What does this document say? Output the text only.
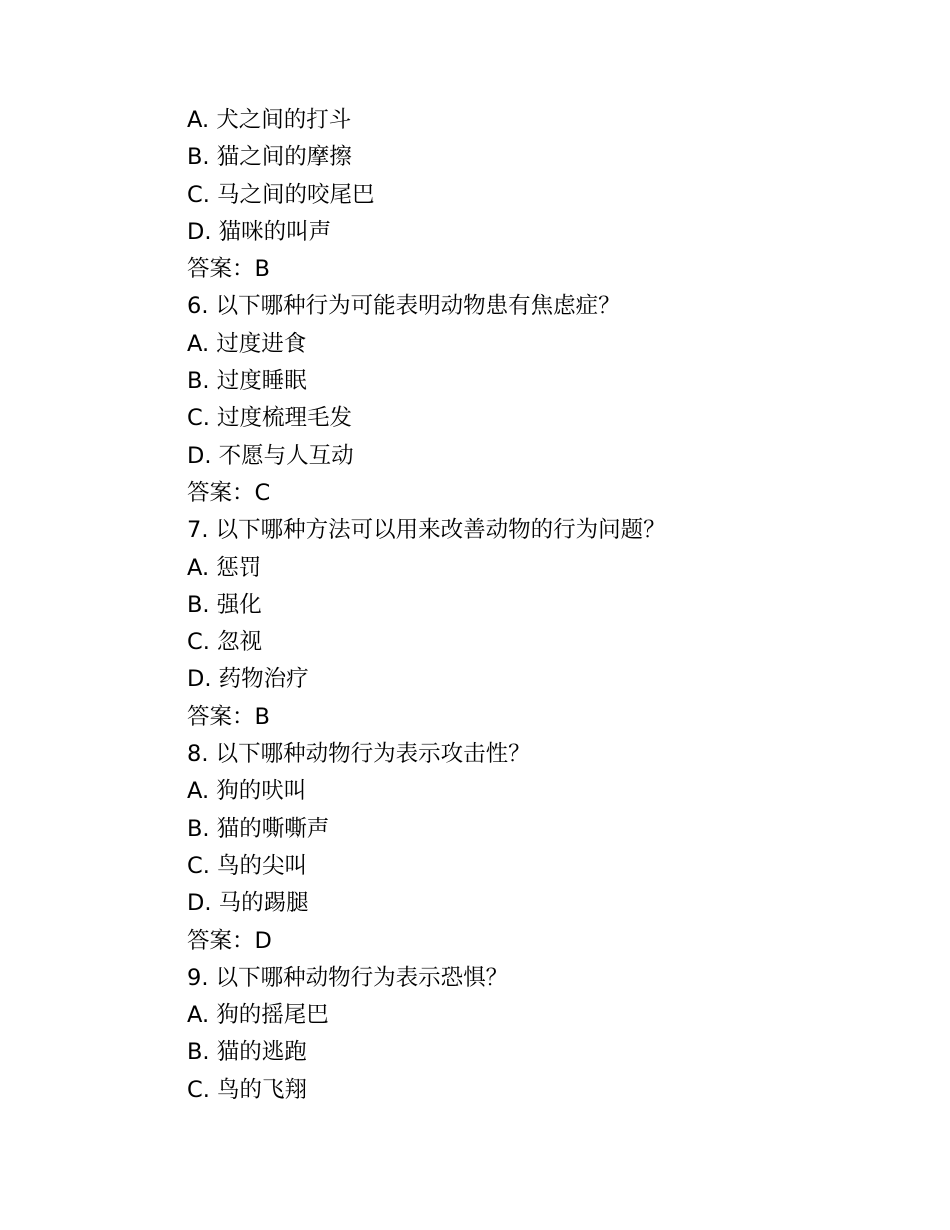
A. 犬之间的打斗
B. 猫之间的摩擦
C. 马之间的咬尾巴
D. 猫咪的叫声
答案：B
6. 以下哪种行为可能表明动物患有焦虑症？
A. 过度进食
B. 过度睡眠
C. 过度梳理毛发
D. 不愿与人互动
答案：C
7. 以下哪种方法可以用来改善动物的行为问题？
A. 惩罚
B. 强化
C. 忽视
D. 药物治疗
答案：B
8. 以下哪种动物行为表示攻击性？
A. 狗的吠叫
B. 猫的嘶嘶声
C. 鸟的尖叫
D. 马的踢腿
答案：D
9. 以下哪种动物行为表示恐惧？
A. 狗的摇尾巴
B. 猫的逃跑
C. 鸟的飞翔
